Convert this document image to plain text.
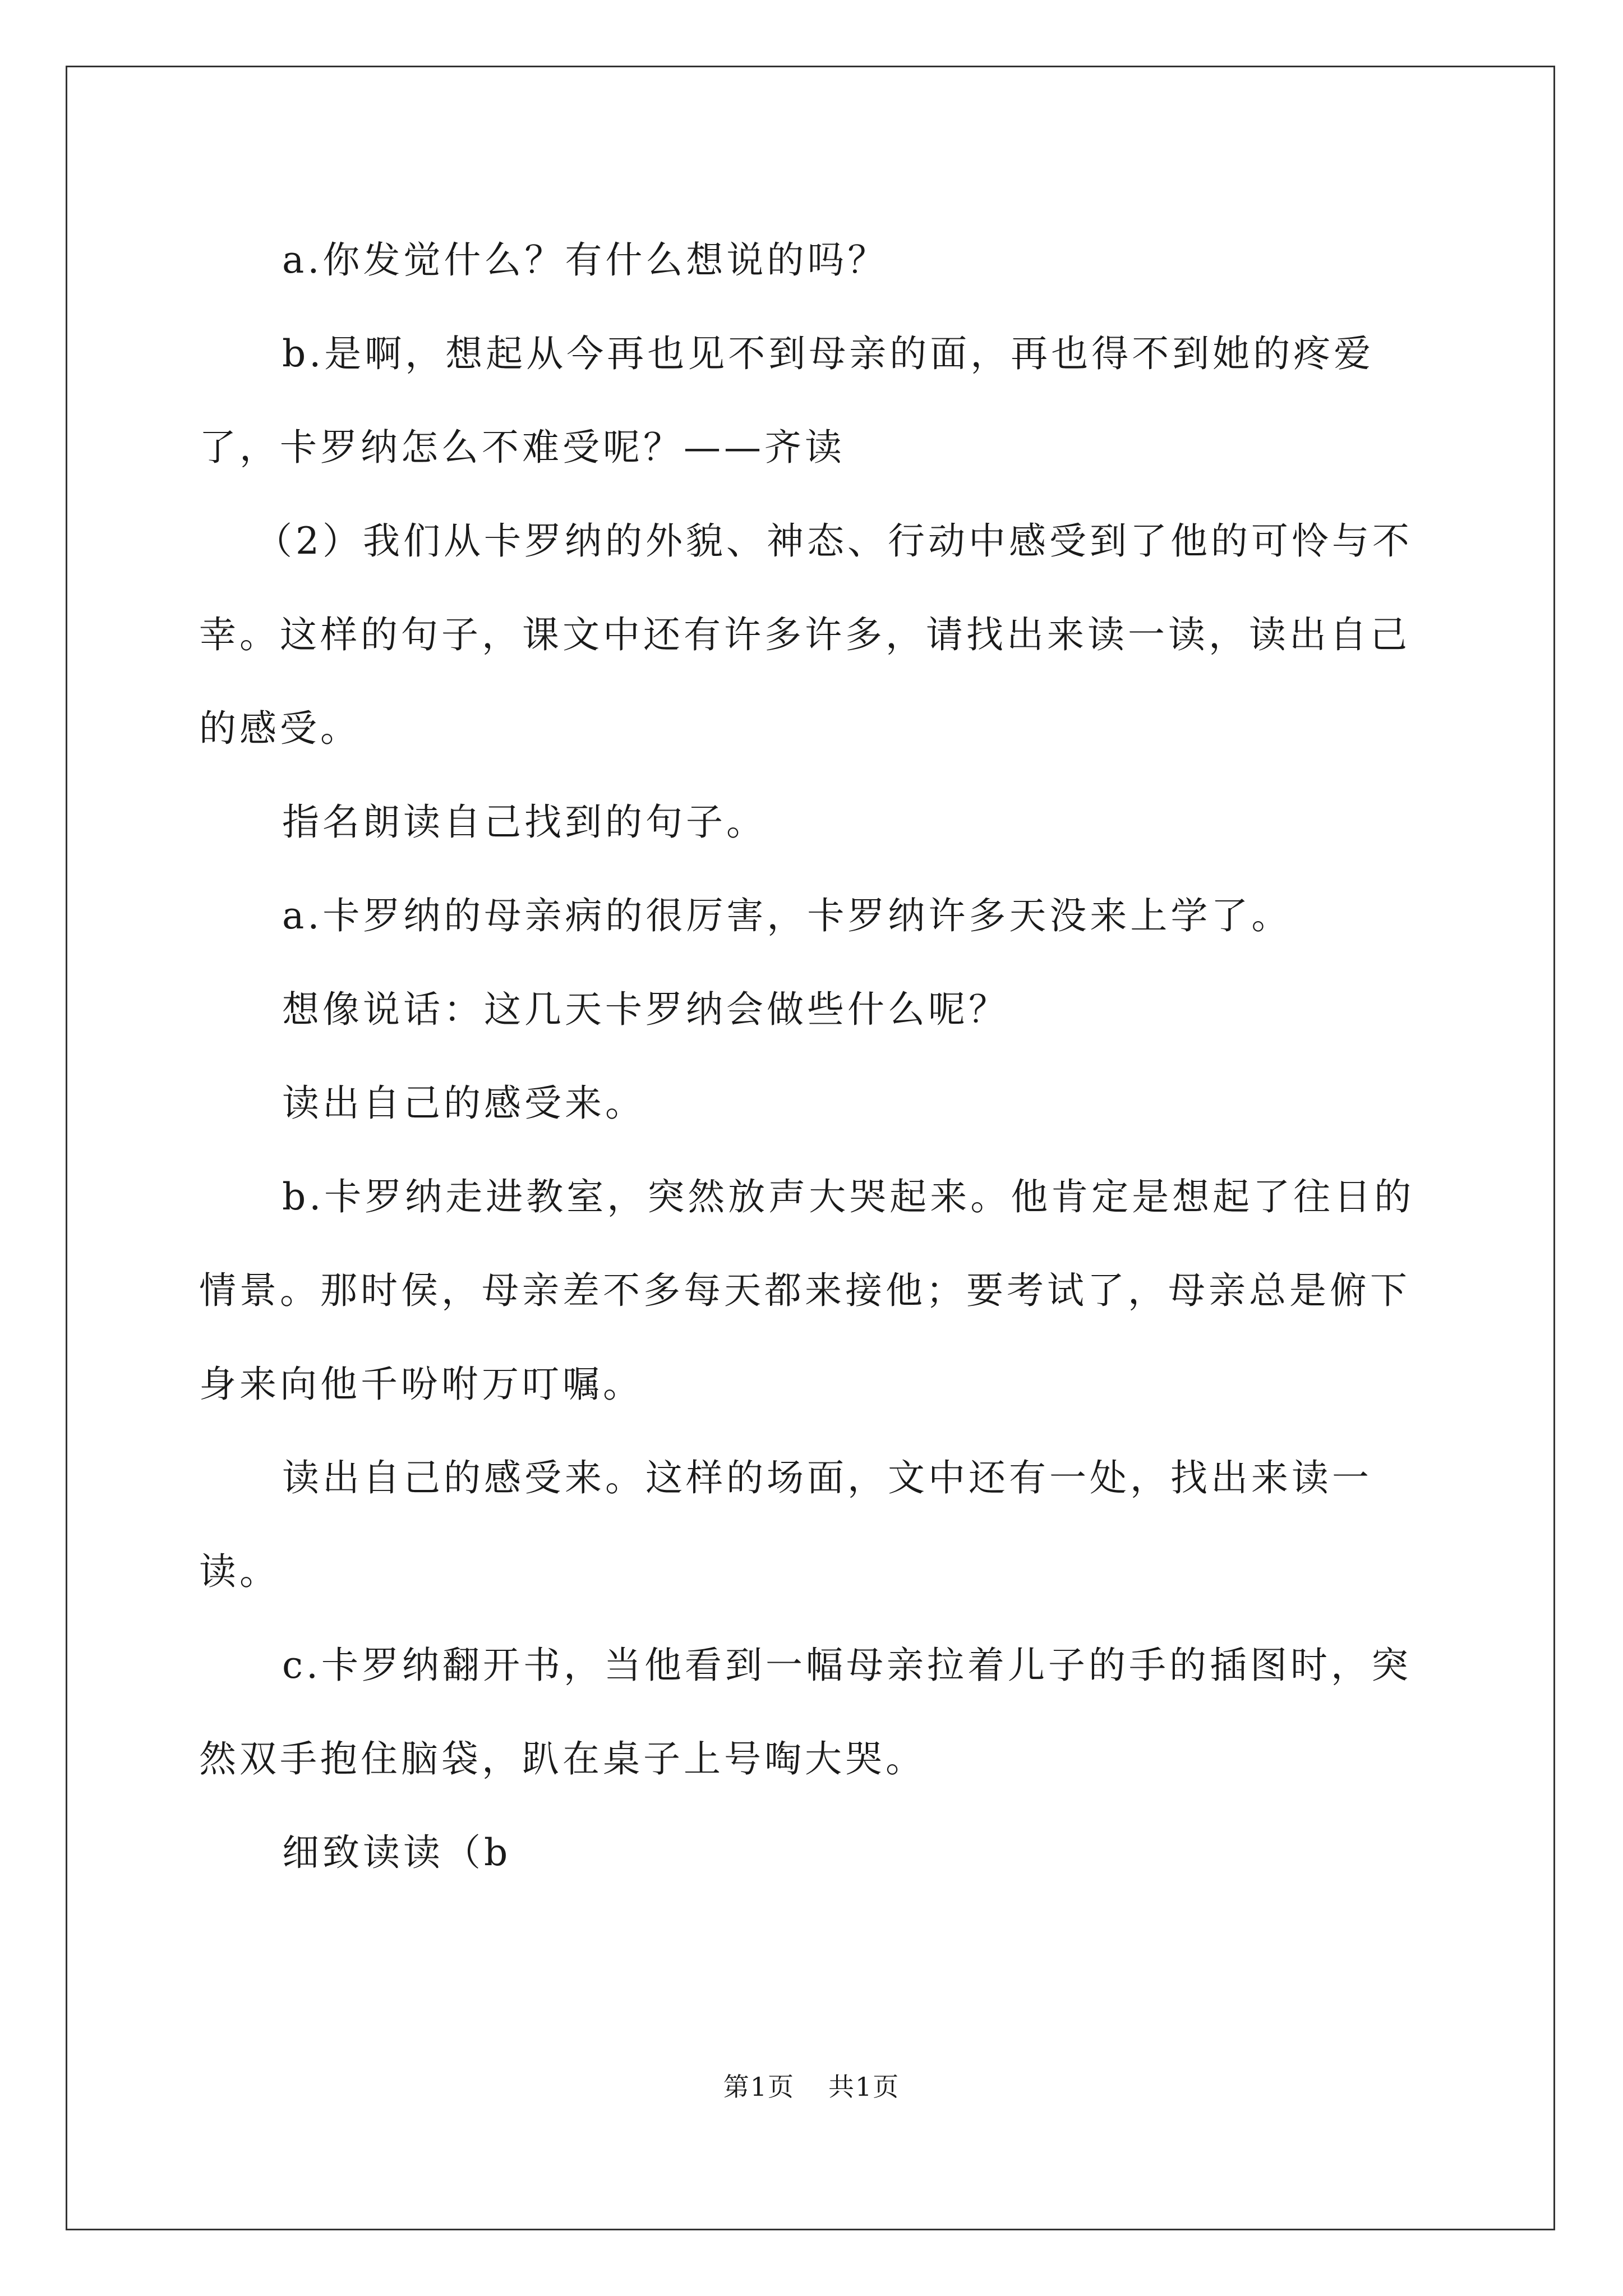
a.你发觉什么？有什么想说的吗？

b.是啊，想起从今再也见不到母亲的面，再也得不到她的疼爱了，卡罗纳怎么不难受呢？——齐读

（2）我们从卡罗纳的外貌、神态、行动中感受到了他的可怜与不幸。这样的句子，课文中还有许多许多，请找出来读一读，读出自己的感受。

指名朗读自己找到的句子。

a.卡罗纳的母亲病的很厉害，卡罗纳许多天没来上学了。

想像说话：这几天卡罗纳会做些什么呢？

读出自己的感受来。

b.卡罗纳走进教室，突然放声大哭起来。他肯定是想起了往日的情景。那时侯，母亲差不多每天都来接他；要考试了，母亲总是俯下身来向他千吩咐万叮嘱。

读出自己的感受来。这样的场面，文中还有一处，找出来读一读。

c.卡罗纳翻开书，当他看到一幅母亲拉着儿子的手的插图时，突然双手抱住脑袋，趴在桌子上号啕大哭。

细致读读（b

第1页 共1页
